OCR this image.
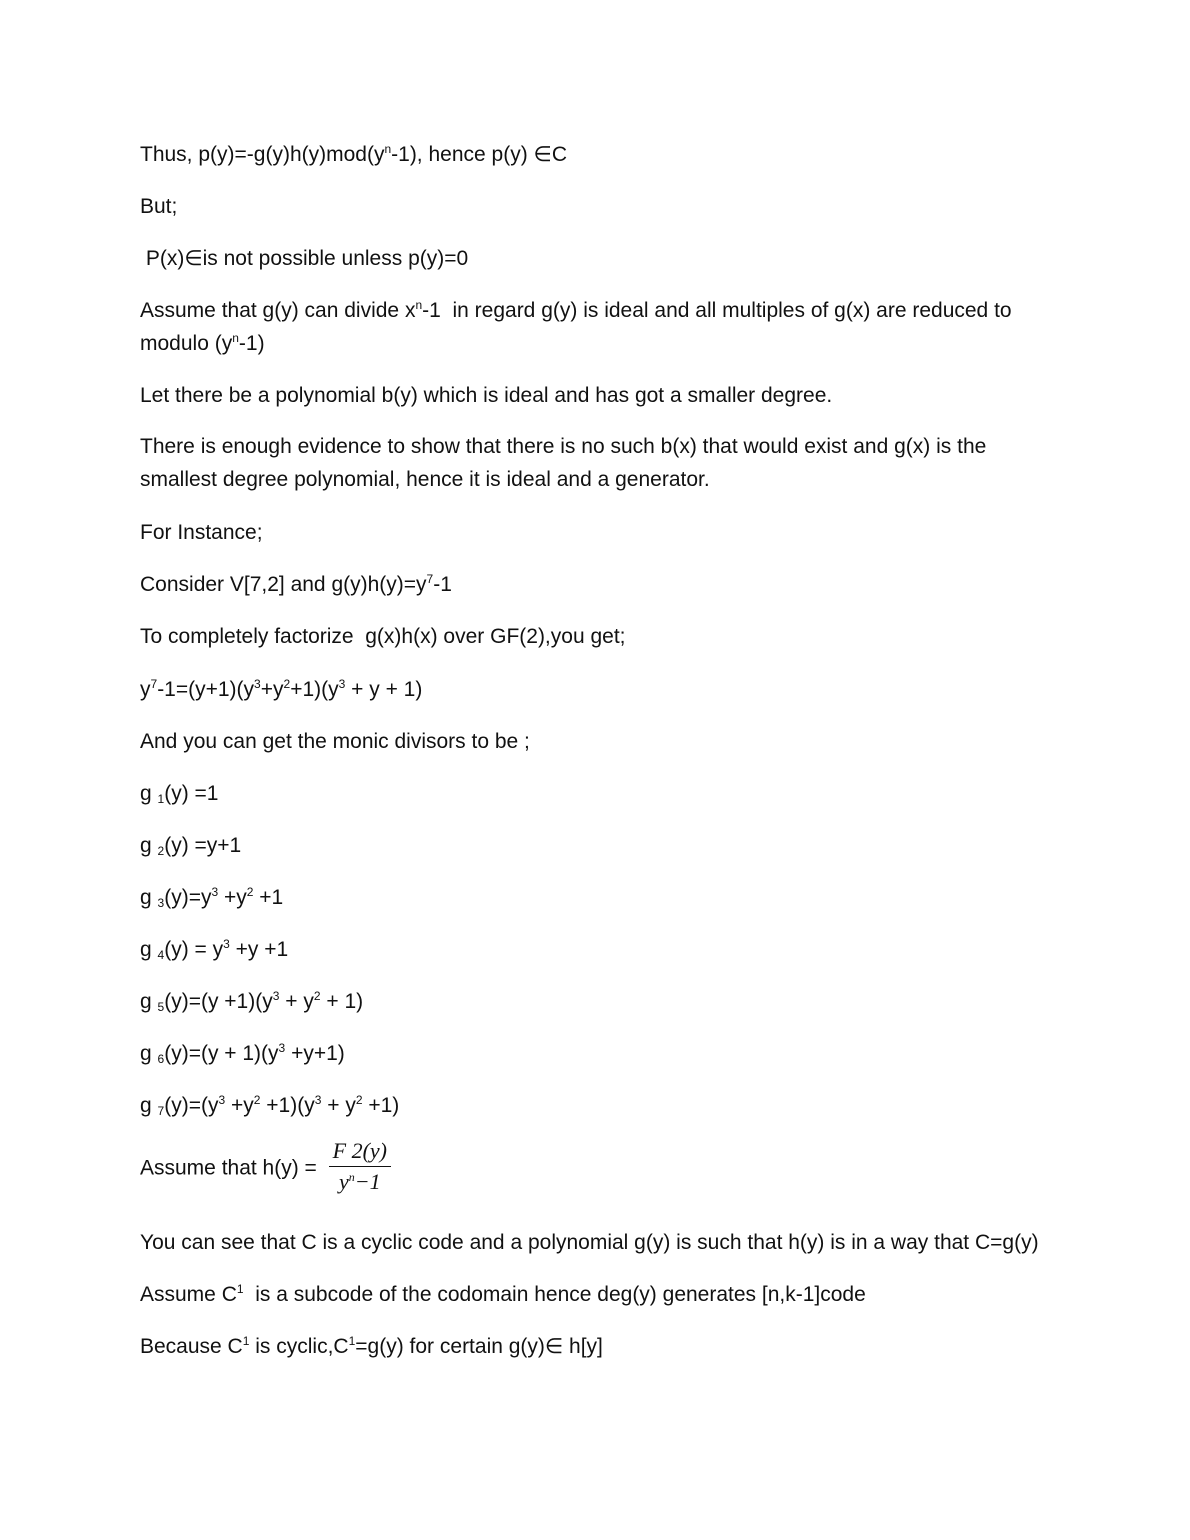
Thus, $p(y)=-g(y)h(y)mod(y^n-1)$, hence p(y) ∈C

But;

P(x)∈is not possible unless p(y)=0

Assume that g(y) can divide $x^n-1$  in regard g(y) is ideal and all multiples of g(x) are reduced to modulo $(y^n-1)$

Let there be a polynomial b(y) which is ideal and has got a smaller degree.

There is enough evidence to show that there is no such b(x) that would exist and g(x) is the smallest degree polynomial, hence it is ideal and a generator.

For Instance;

Consider V[7,2] and $g(y)h(y)=y^7-1$

To completely factorize  g(x)h(x) over GF(2),you get;

$y^7-1=(y+1)(y^3+y^2+1)(y^3 + y + 1)$

And you can get the monic divisors to be ;

g $_1$(y) =1

g $_2$(y) =y+1

g $_3(y)=y^3 +y^2 +1$

g $_4(y) = y^3 +y +1$

g $_5(y)=(y +1)(y^3 + y^2 + 1)$

g $_6(y)=(y + 1)(y^3 +y+1)$

g $_7(y)=(y^3 +y^2 +1)(y^3 + y^2 +1)$

Assume that $h(y) = \frac{F 2(y)}{y^n-1}$

You can see that C is a cyclic code and a polynomial g(y) is such that h(y) is in a way that C=g(y)

Assume $C^1$  is a subcode of the codomain hence deg(y) generates [n,k-1]code

Because $C^1$ is $cyclic,C^1=g(y)$ for certain g(y)∈ h[y]
